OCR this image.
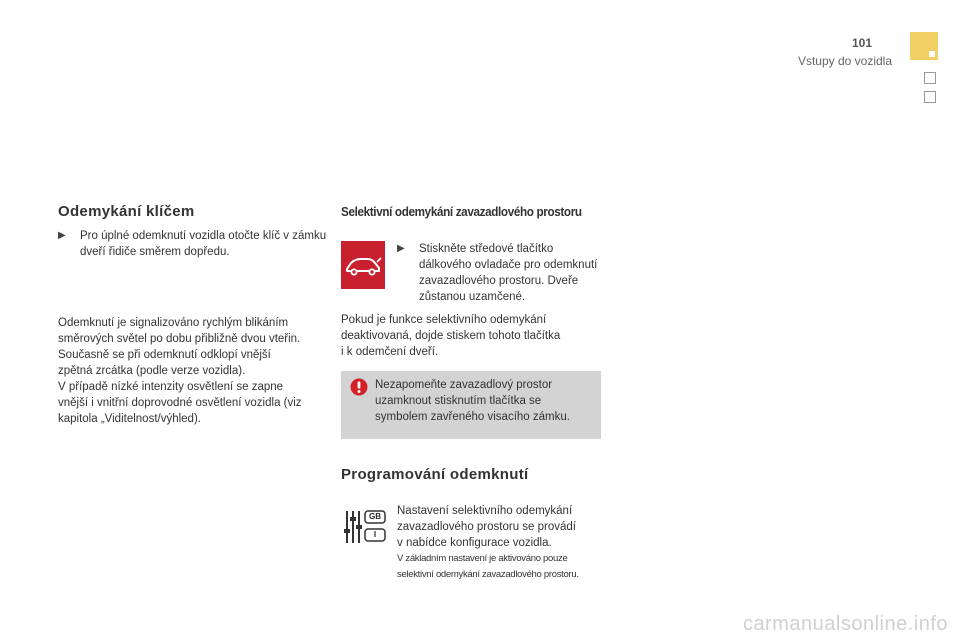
101
Vstupy do vozidla
Odemykání klíčem
▶	Pro úplné odemknutí vozidla otočte klíč v zámku dveří řidiče směrem dopředu.
Odemknutí je signalizováno rychlým blikáním
směrových světel po dobu přibližně dvou vteřin.
Současně se při odemknutí odklopí vnější
zpětná zrcátka (podle verze vozidla).
V případě nízké intenzity osvětlení se zapne
vnější i vnitřní doprovodné osvětlení vozidla (viz
kapitola „Viditelnost/výhled).
Selektivní odemykání zavazadlového prostoru
▶	Stiskněte středové tlačítko dálkového ovladače pro odemknutí zavazadlového prostoru. Dveře zůstanou uzamčené.
Pokud je funkce selektivního odemykání
deaktivovaná, dojde stiskem tohoto tlačítka
i k odemčení dveří.
Nezapomeňte zavazadlový prostor
uzamknout stisknutím tlačítka se
symbolem zavřeného visacího zámku.
Programování odemknutí
GB
I
Nastavení selektivního odemykání
zavazadlového prostoru se provádí
v nabídce konfigurace vozidla.
V základním nastavení je aktivováno pouze
selektivní odemykání zavazadlového prostoru.
carmanualsonline.info
